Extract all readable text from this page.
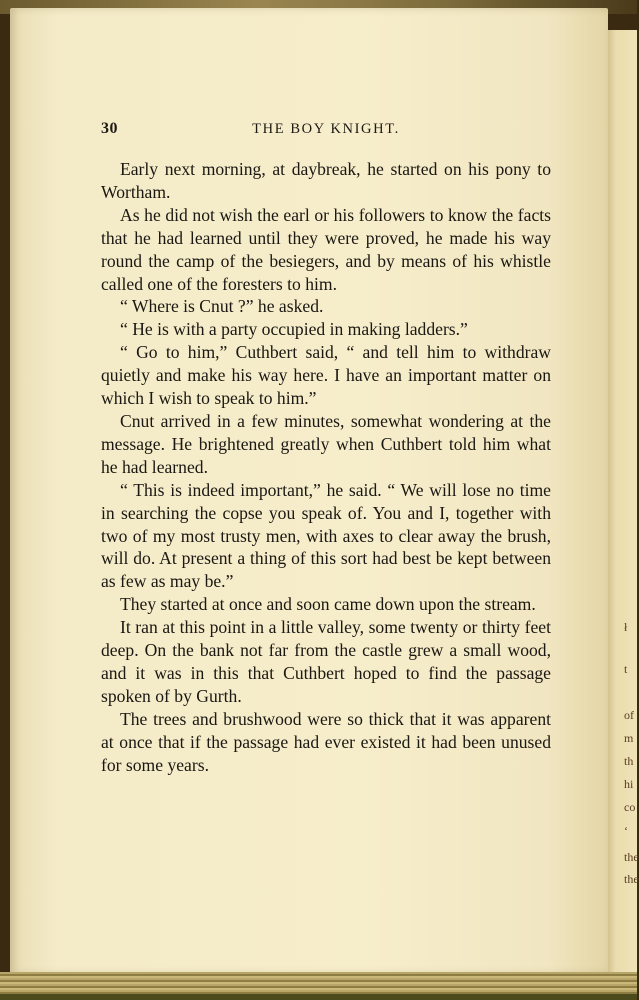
30	THE BOY KNIGHT.

Early next morning, at daybreak, he started on his pony to Wortham.

As he did not wish the earl or his followers to know the facts that he had learned until they were proved, he made his way round the camp of the besiegers, and by means of his whistle called one of the foresters to him.

“ Where is Cnut ?” he asked.

“ He is with a party occupied in making ladders.”

“ Go to him,” Cuthbert said, “ and tell him to withdraw quietly and make his way here. I have an important matter on which I wish to speak to him.”

Cnut arrived in a few minutes, somewhat wondering at the message. He brightened greatly when Cuthbert told him what he had learned.

“ This is indeed important,” he said. “ We will lose no time in searching the copse you speak of. You and I, together with two of my most trusty men, with axes to clear away the brush, will do. At present a thing of this sort had best be kept between as few as may be.”

They started at once and soon came down upon the stream.

It ran at this point in a little valley, some twenty or thirty feet deep. On the bank not far from the castle grew a small wood, and it was in this that Cuthbert hoped to find the passage spoken of by Gurth.

The trees and brushwood were so thick that it was apparent at once that if the passage had ever existed it had been unused for some years.

ł
t
of
m
th
hi
co
‘
the
the
